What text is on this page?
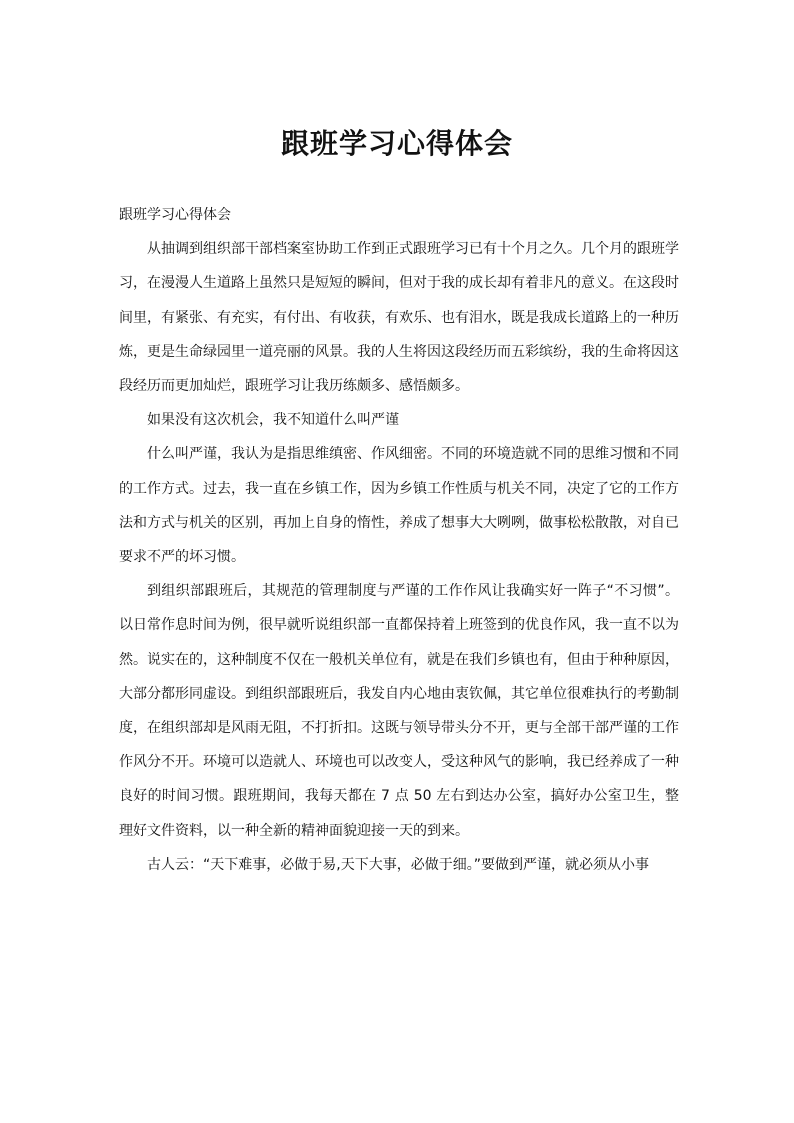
跟班学习心得体会

跟班学习心得体会

从抽调到组织部干部档案室协助工作到正式跟班学习已有十个月之久。几个月的跟班学习，在漫漫人生道路上虽然只是短短的瞬间，但对于我的成长却有着非凡的意义。在这段时间里，有紧张、有充实，有付出、有收获，有欢乐、也有泪水，既是我成长道路上的一种历炼，更是生命绿园里一道亮丽的风景。我的人生将因这段经历而五彩缤纷，我的生命将因这段经历而更加灿烂，跟班学习让我历练颇多、感悟颇多。

如果没有这次机会，我不知道什么叫严谨

什么叫严谨，我认为是指思维缜密、作风细密。不同的环境造就不同的思维习惯和不同的工作方式。过去，我一直在乡镇工作，因为乡镇工作性质与机关不同，决定了它的工作方法和方式与机关的区别，再加上自身的惰性，养成了想事大大咧咧，做事松松散散，对自已要求不严的坏习惯。

到组织部跟班后，其规范的管理制度与严谨的工作作风让我确实好一阵子“不习惯”。以日常作息时间为例，很早就听说组织部一直都保持着上班签到的优良作风，我一直不以为然。说实在的，这种制度不仅在一般机关单位有，就是在我们乡镇也有，但由于种种原因，大部分都形同虚设。到组织部跟班后，我发自内心地由衷钦佩，其它单位很难执行的考勤制度，在组织部却是风雨无阻，不打折扣。这既与领导带头分不开，更与全部干部严谨的工作作风分不开。环境可以造就人、环境也可以改变人，受这种风气的影响，我已经养成了一种良好的时间习惯。跟班期间，我每天都在 7 点 50 左右到达办公室，搞好办公室卫生，整理好文件资料，以一种全新的精神面貌迎接一天的到来。

古人云：“天下难事，必做于易,天下大事，必做于细。”要做到严谨，就必须从小事
